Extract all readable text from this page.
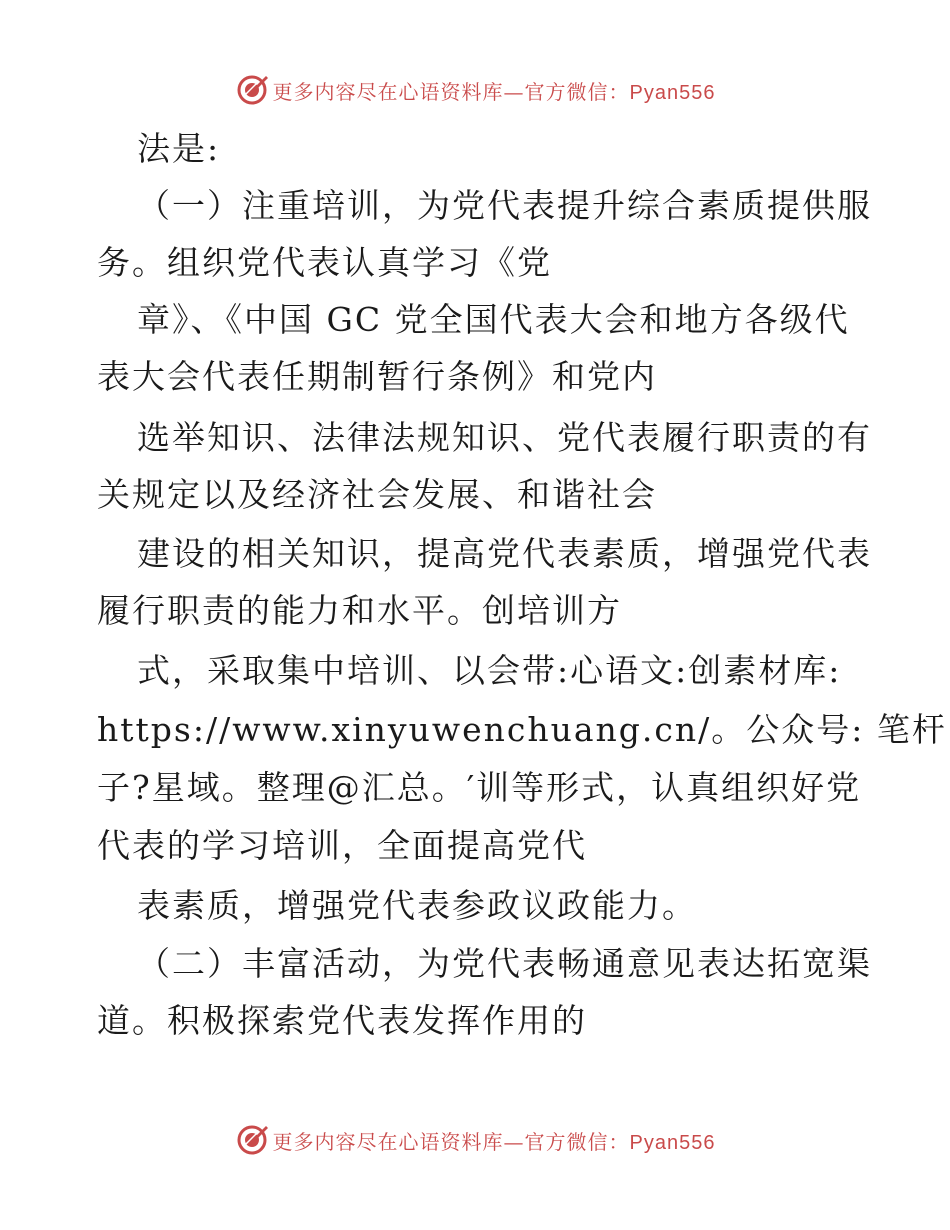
更多内容尽在心语资料库—官方微信：Pyan556
法是:
（一）注重培训，为党代表提升综合素质提供服
务。组织党代表认真学习《党
章》、《中国 GC 党全国代表大会和地方各级代
表大会代表任期制暂行条例》和党内
选举知识、法律法规知识、党代表履行职责的有
关规定以及经济社会发展、和谐社会
建设的相关知识，提高党代表素质，增强党代表
履行职责的能力和水平。创培训方
式，采取集中培训、以会带:心语文:创素材库:
https://www.xinyuwenchuang.cn/。公众号: 笔杆
子?星域。整理@汇总。′训等形式，认真组织好党
代表的学习培训，全面提高党代
表素质，增强党代表参政议政能力。
（二）丰富活动，为党代表畅通意见表达拓宽渠
道。积极探索党代表发挥作用的
更多内容尽在心语资料库—官方微信：Pyan556
